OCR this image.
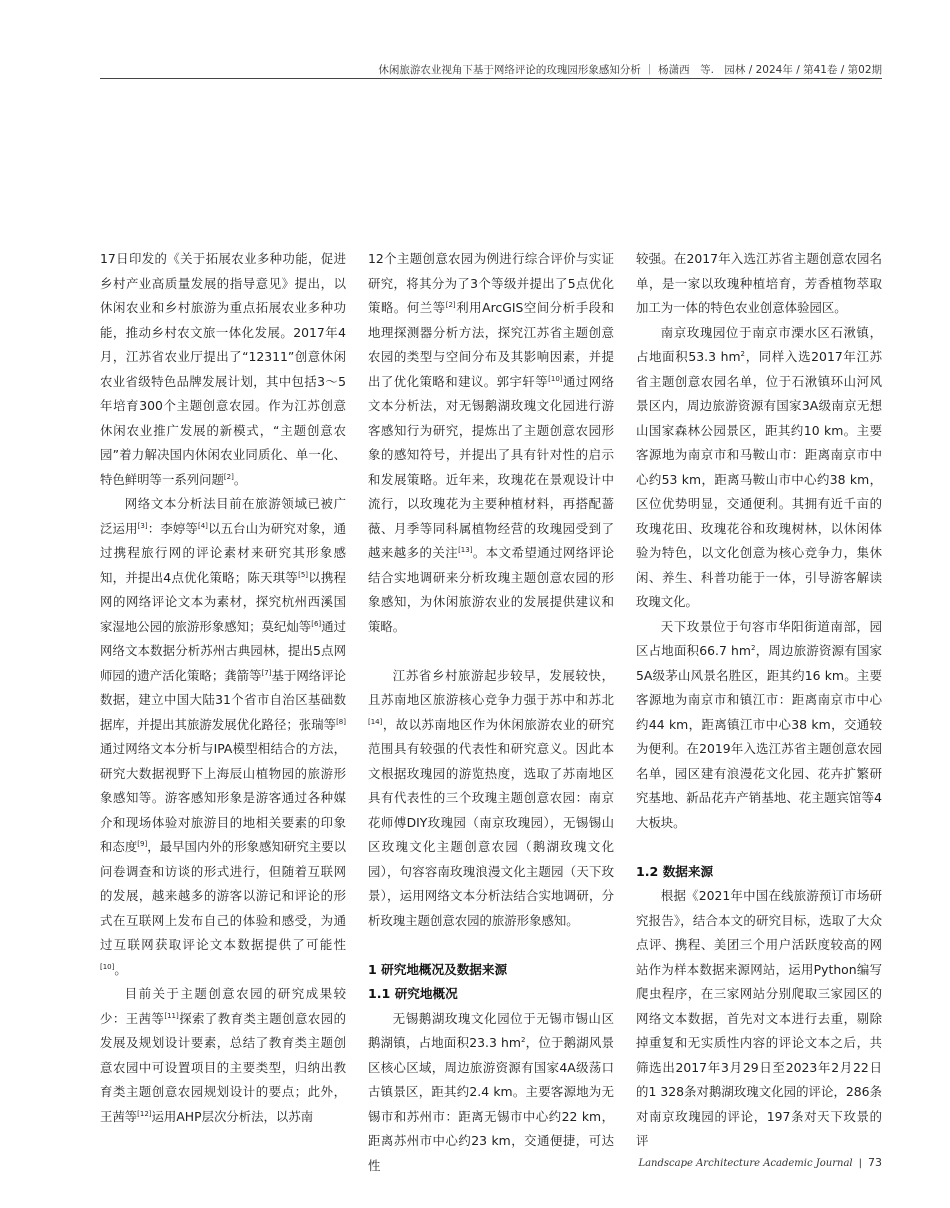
休闲旅游农业视角下基于网络评论的玫瑰园形象感知分析 ｜ 杨潇西　等.　园林 / 2024年 / 第41卷 / 第02期

17日印发的《关于拓展农业多种功能，促进乡村产业高质量发展的指导意见》提出，以休闲农业和乡村旅游为重点拓展农业多种功能，推动乡村农文旅一体化发展。2017年4月，江苏省农业厅提出了“12311”创意休闲农业省级特色品牌发展计划，其中包括3～5年培育300个主题创意农园。作为江苏创意休闲农业推广发展的新模式，“主题创意农园”着力解决国内休闲农业同质化、单一化、特色鲜明等一系列问题[2]。

网络文本分析法目前在旅游领域已被广泛运用[3]：李婷等[4]以五台山为研究对象，通过携程旅行网的评论素材来研究其形象感知，并提出4点优化策略；陈天琪等[5]以携程网的网络评论文本为素材，探究杭州西溪国家湿地公园的旅游形象感知；莫纪灿等[6]通过网络文本数据分析苏州古典园林，提出5点网师园的遗产活化策略；龚箭等[7]基于网络评论数据，建立中国大陆31个省市自治区基础数据库，并提出其旅游发展优化路径；张瑞等[8]通过网络文本分析与IPA模型相结合的方法，研究大数据视野下上海辰山植物园的旅游形象感知等。游客感知形象是游客通过各种媒介和现场体验对旅游目的地相关要素的印象和态度[9]，最早国内外的形象感知研究主要以问卷调查和访谈的形式进行，但随着互联网的发展，越来越多的游客以游记和评论的形式在互联网上发布自己的体验和感受，为通过互联网获取评论文本数据提供了可能性[10]。

目前关于主题创意农园的研究成果较少：王茜等[11]探索了教育类主题创意农园的发展及规划设计要素，总结了教育类主题创意农园中可设置项目的主要类型，归纳出教育类主题创意农园规划设计的要点；此外，王茜等[12]运用AHP层次分析法，以苏南

12个主题创意农园为例进行综合评价与实证研究，将其分为了3个等级并提出了5点优化策略。何兰等[2]利用ArcGIS空间分析手段和地理探测器分析方法，探究江苏省主题创意农园的类型与空间分布及其影响因素，并提出了优化策略和建议。郭宇轩等[10]通过网络文本分析法，对无锡鹅湖玫瑰文化园进行游客感知行为研究，提炼出了主题创意农园形象的感知符号，并提出了具有针对性的启示和发展策略。近年来，玫瑰花在景观设计中流行，以玫瑰花为主要种植材料，再搭配蔷薇、月季等同科属植物经营的玫瑰园受到了越来越多的关注[13]。本文希望通过网络评论结合实地调研来分析玫瑰主题创意农园的形象感知，为休闲旅游农业的发展提供建议和策略。

江苏省乡村旅游起步较早，发展较快，且苏南地区旅游核心竞争力强于苏中和苏北[14]，故以苏南地区作为休闲旅游农业的研究范围具有较强的代表性和研究意义。因此本文根据玫瑰园的游览热度，选取了苏南地区具有代表性的三个玫瑰主题创意农园：南京花师傅DIY玫瑰园（南京玫瑰园），无锡锡山区玫瑰文化主题创意农园（鹅湖玫瑰文化园），句容容南玫瑰浪漫文化主题园（天下玫景），运用网络文本分析法结合实地调研，分析玫瑰主题创意农园的旅游形象感知。

1 研究地概况及数据来源
1.1 研究地概况

无锡鹅湖玫瑰文化园位于无锡市锡山区鹅湖镇，占地面积23.3 $hm^2$，位于鹅湖风景区核心区域，周边旅游资源有国家4A级荡口古镇景区，距其约2.4 km。主要客源地为无锡市和苏州市：距离无锡市中心约22 km，距离苏州市中心约23 km，交通便捷，可达性

较强。在2017年入选江苏省主题创意农园名单，是一家以玫瑰种植培育，芳香植物萃取加工为一体的特色农业创意体验园区。

南京玫瑰园位于南京市溧水区石湫镇，占地面积53.3 $hm^2$，同样入选2017年江苏省主题创意农园名单，位于石湫镇环山河风景区内，周边旅游资源有国家3A级南京无想山国家森林公园景区，距其约10 km。主要客源地为南京市和马鞍山市：距离南京市中心约53 km，距离马鞍山市中心约38 km，区位优势明显，交通便利。其拥有近千亩的玫瑰花田、玫瑰花谷和玫瑰树林，以休闲体验为特色，以文化创意为核心竞争力，集休闲、养生、科普功能于一体，引导游客解读玫瑰文化。

天下玫景位于句容市华阳街道南部，园区占地面积66.7 $hm^2$，周边旅游资源有国家5A级茅山风景名胜区，距其约16 km。主要客源地为南京市和镇江市：距离南京市中心约44 km，距离镇江市中心38 km，交通较为便利。在2019年入选江苏省主题创意农园名单，园区建有浪漫花文化园、花卉扩繁研究基地、新品花卉产销基地、花主题宾馆等4大板块。

1.2 数据来源

根据《2021年中国在线旅游预订市场研究报告》，结合本文的研究目标，选取了大众点评、携程、美团三个用户活跃度较高的网站作为样本数据来源网站，运用Python编写爬虫程序，在三家网站分别爬取三家园区的网络文本数据，首先对文本进行去重，剔除掉重复和无实质性内容的评论文本之后，共筛选出2017年3月29日至2023年2月22日的1 328条对鹅湖玫瑰文化园的评论，286条对南京玫瑰园的评论，197条对天下玫景的评

Landscape Architecture Academic Journal | 73
